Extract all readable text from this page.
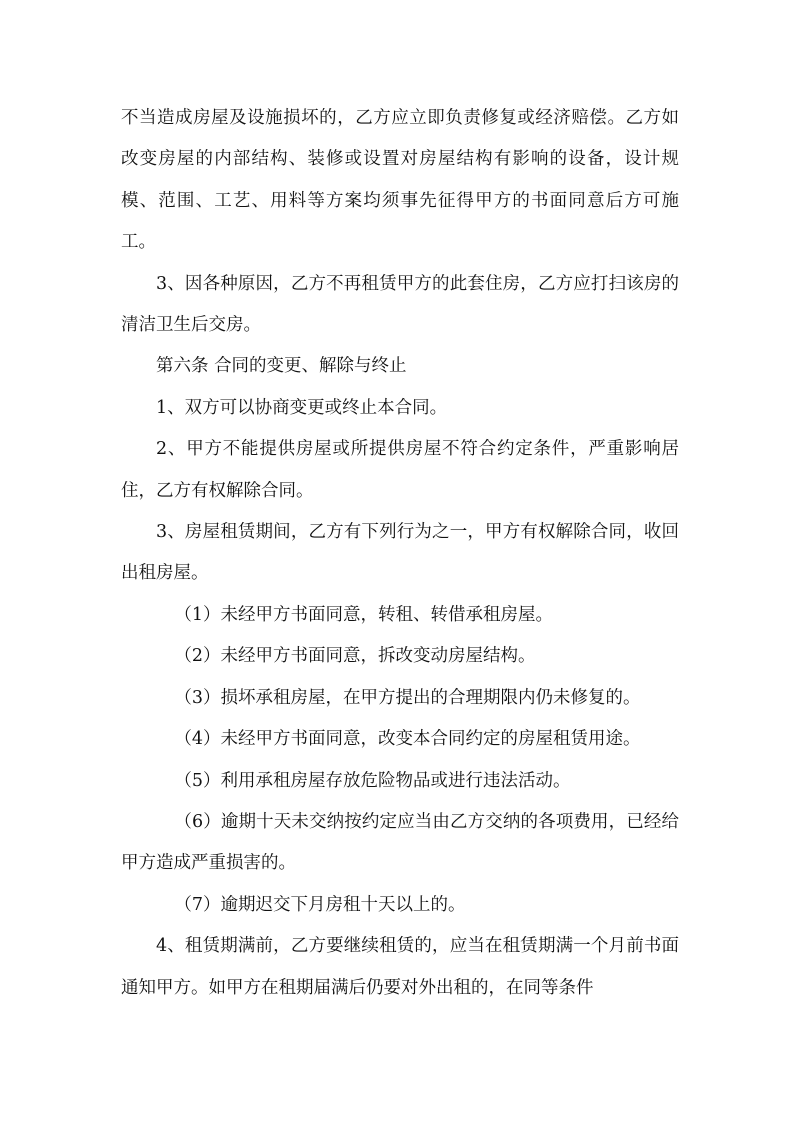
不当造成房屋及设施损坏的，乙方应立即负责修复或经济赔偿。乙方如改变房屋的内部结构、装修或设置对房屋结构有影响的设备，设计规模、范围、工艺、用料等方案均须事先征得甲方的书面同意后方可施工。

3、因各种原因，乙方不再租赁甲方的此套住房，乙方应打扫该房的清洁卫生后交房。

第六条 合同的变更、解除与终止

1、双方可以协商变更或终止本合同。

2、甲方不能提供房屋或所提供房屋不符合约定条件，严重影响居住，乙方有权解除合同。

3、房屋租赁期间，乙方有下列行为之一，甲方有权解除合同，收回出租房屋。

（1）未经甲方书面同意，转租、转借承租房屋。

（2）未经甲方书面同意，拆改变动房屋结构。

（3）损坏承租房屋，在甲方提出的合理期限内仍未修复的。

（4）未经甲方书面同意，改变本合同约定的房屋租赁用途。

（5）利用承租房屋存放危险物品或进行违法活动。

（6）逾期十天未交纳按约定应当由乙方交纳的各项费用，已经给甲方造成严重损害的。

（7）逾期迟交下月房租十天以上的。

4、租赁期满前，乙方要继续租赁的，应当在租赁期满一个月前书面通知甲方。如甲方在租期届满后仍要对外出租的，在同等条件
